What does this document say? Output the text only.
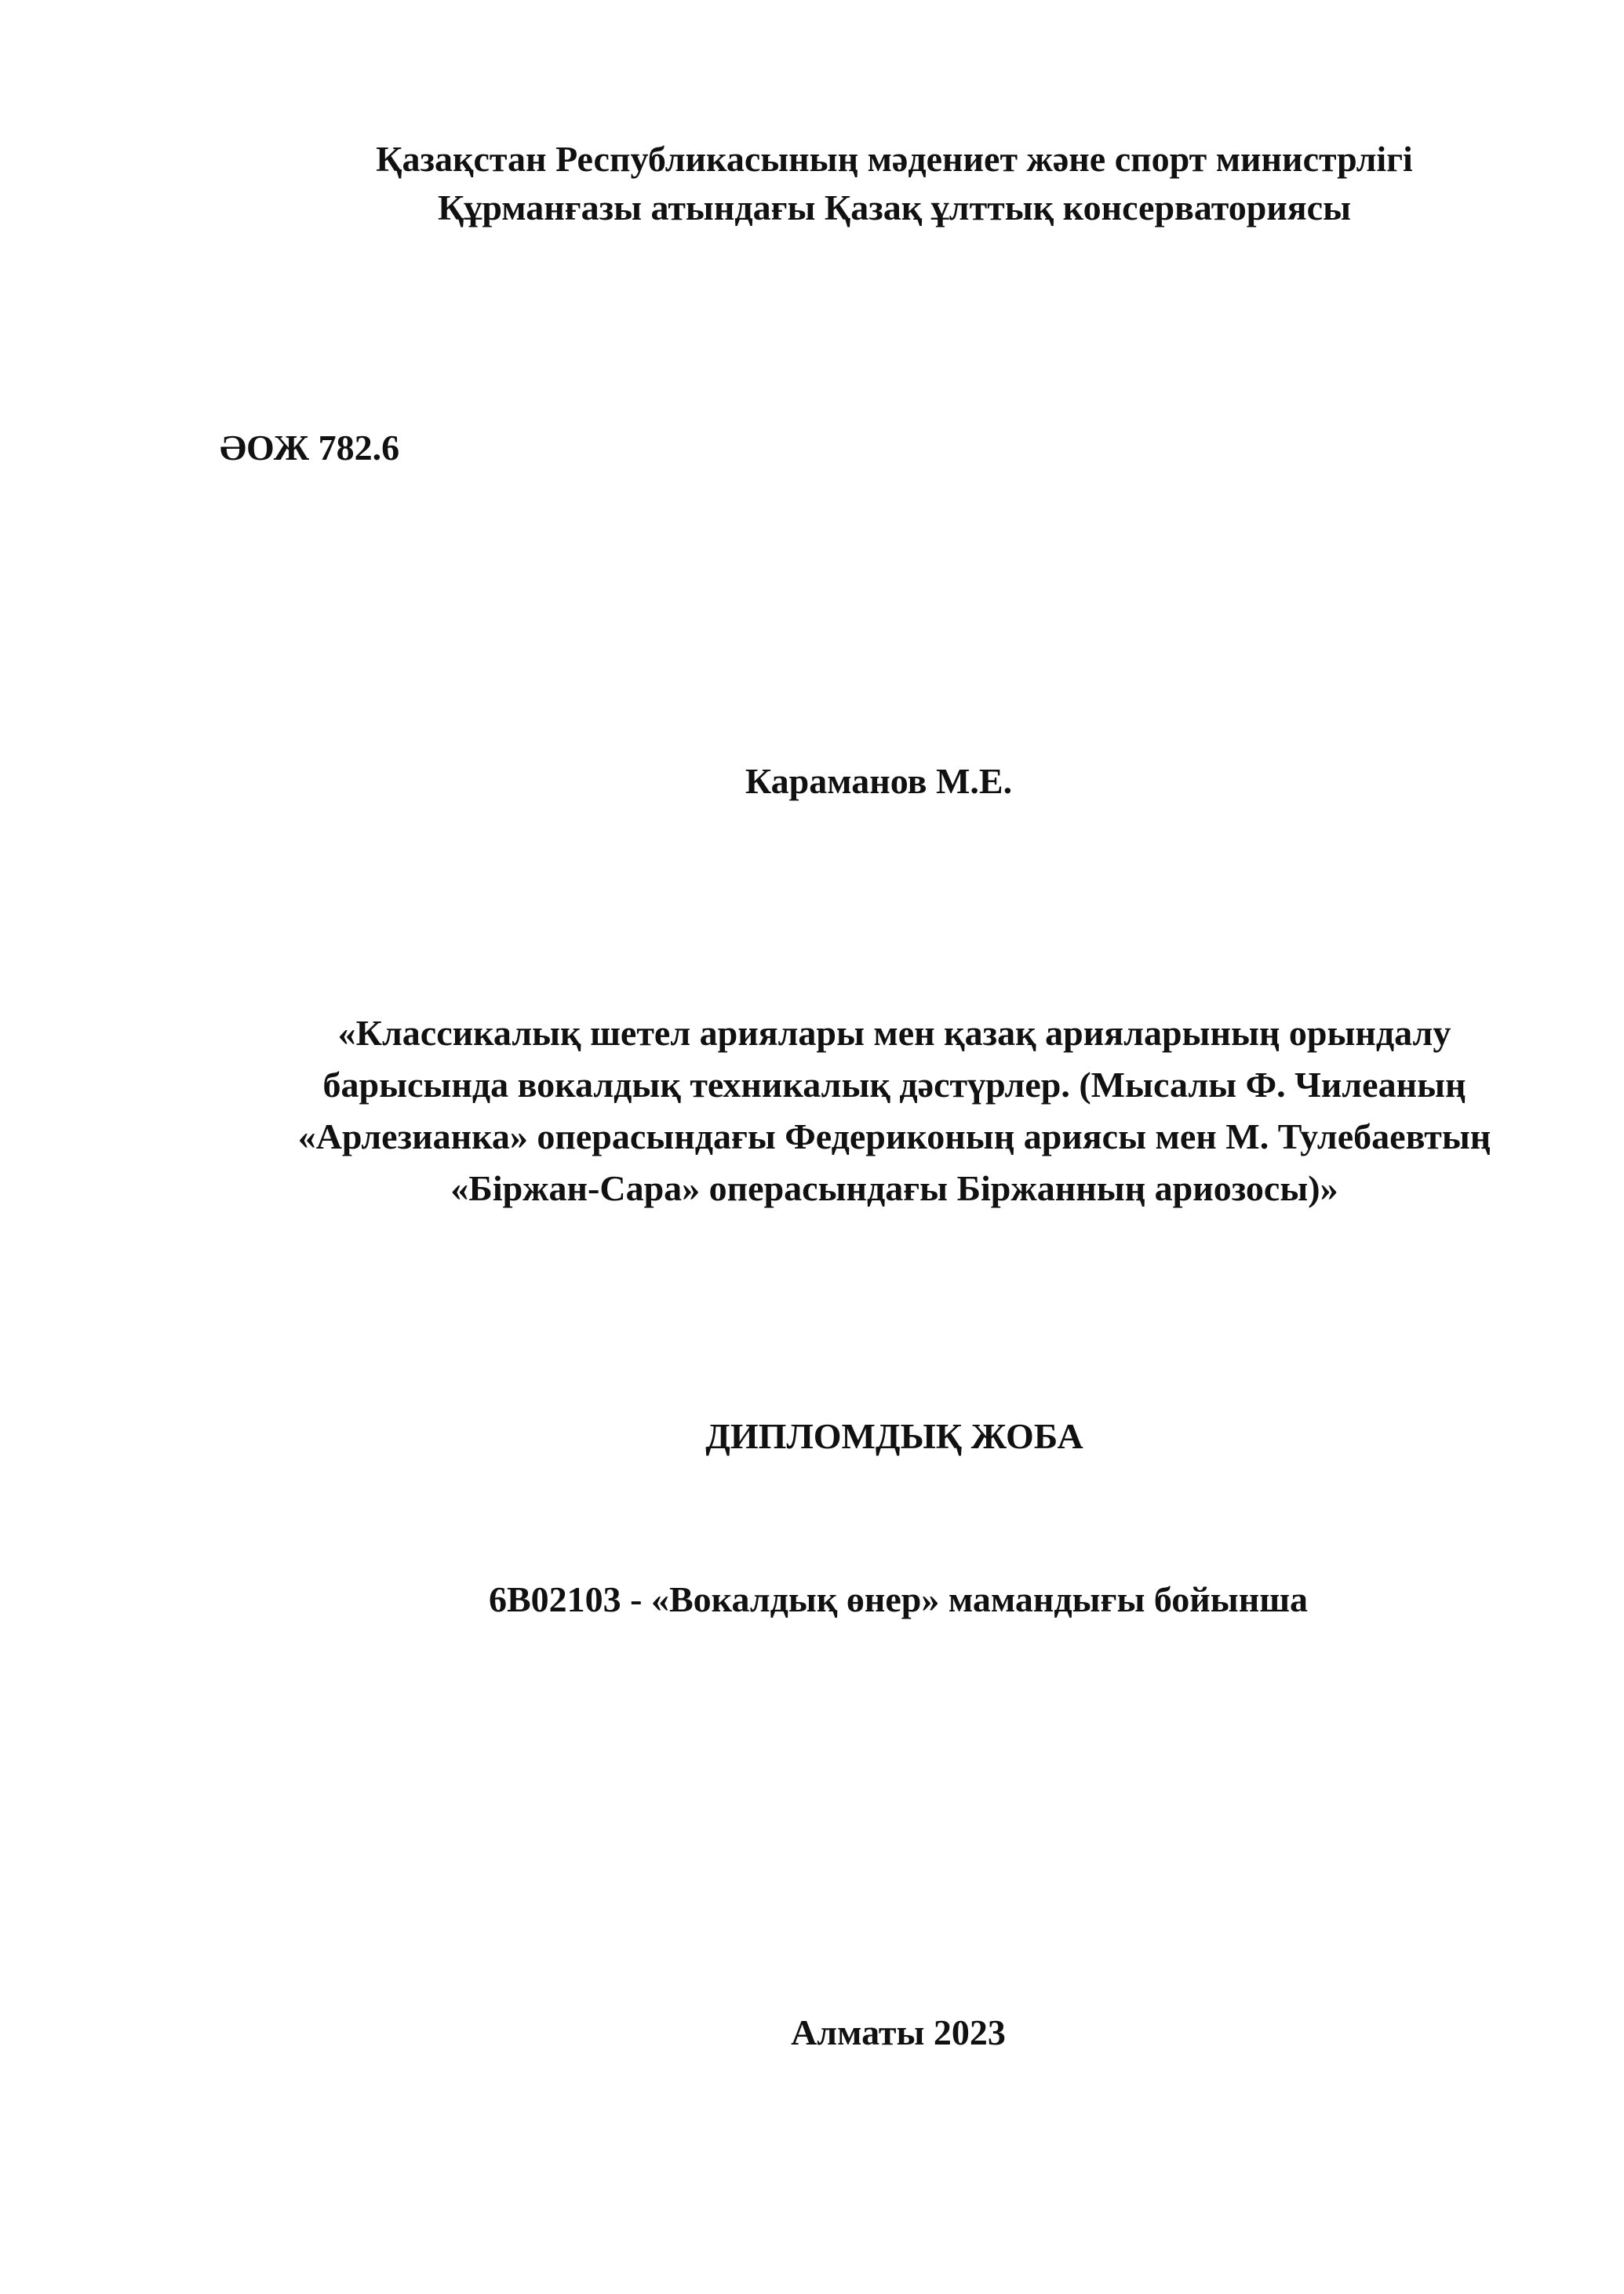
Қазақстан Республикасының мәдениет және спорт министрлігі
Құрманғазы атындағы Қазақ ұлттық консерваториясы
ӘОЖ 782.6
Караманов М.Е.
«Классикалық шетел ариялары мен қазақ арияларының орындалу
барысында вокалдық техникалық дәстүрлер. (Мысалы Ф. Чилеаның
«Арлезианка» операсындағы Федериконың ариясы мен М. Тулебаевтың
«Біржан-Сара» операсындағы Біржанның ариозосы)»
ДИПЛОМДЫҚ ЖОБА
6B02103 - «Вокалдық өнер» мамандығы бойынша
Алматы 2023
